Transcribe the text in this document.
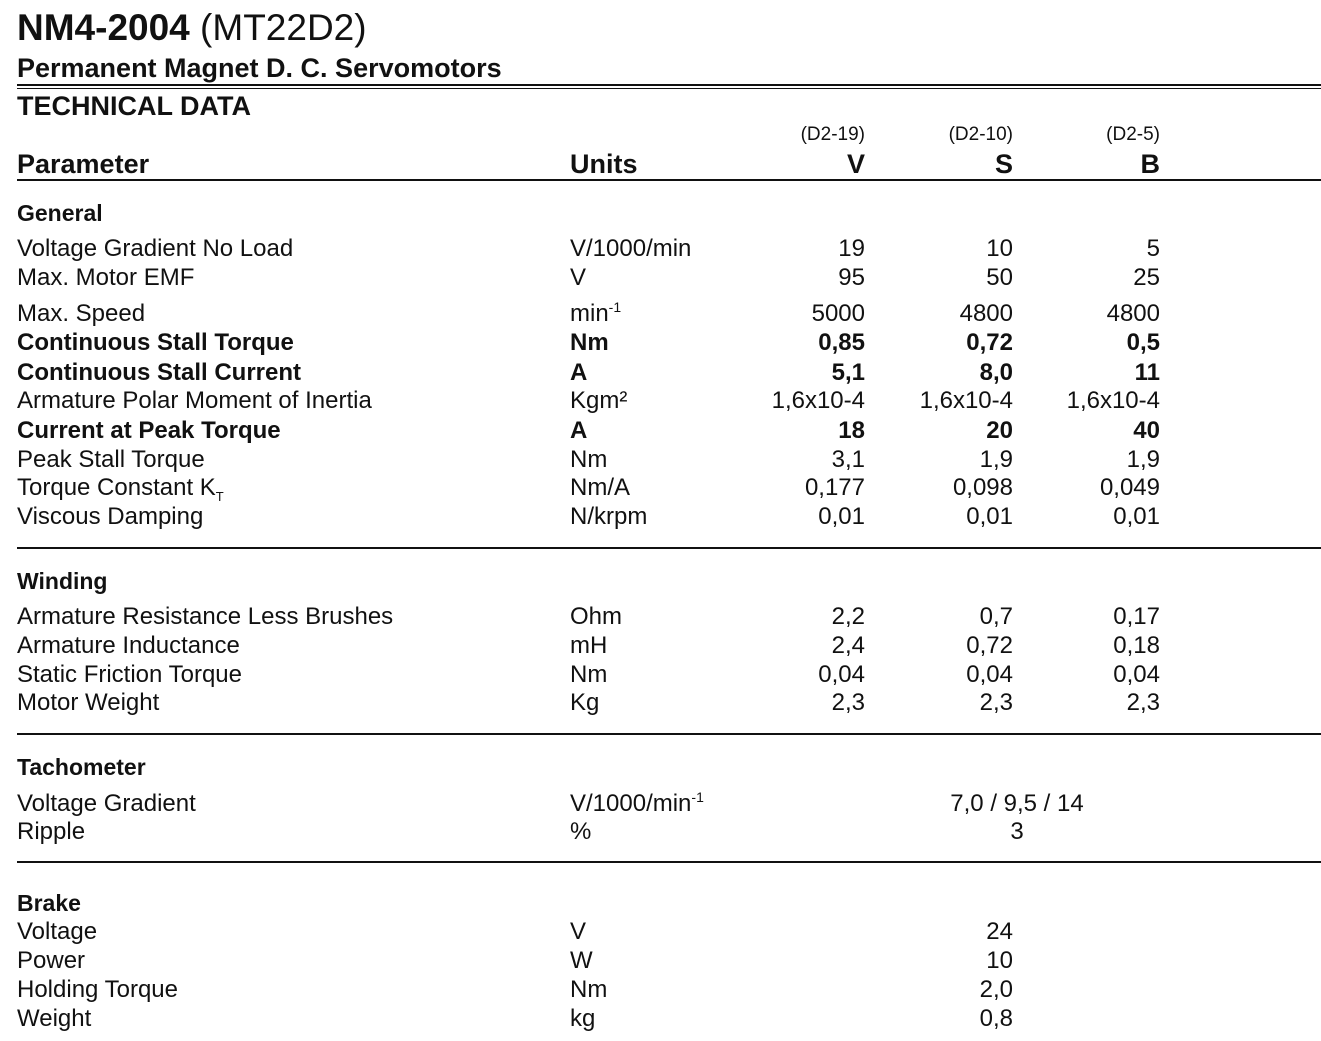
NM4-2004 (MT22D2)
Permanent Magnet D. C. Servomotors
TECHNICAL DATA
(D2-19)	(D2-10)	(D2-5)
Parameter	Units	V	S	B
General
Voltage Gradient No Load	V/1000/min	19	10	5
Max. Motor EMF	V	95	50	25
Max. Speed	$\min^{-1}$	5000	4800	4800
Continuous Stall Torque	Nm	0,85	0,72	0,5
Continuous Stall Current	A	5,1	8,0	11
Armature Polar Moment of Inertia	Kgm²	1,6x10-4 1,6x10-4 1,6x10-4
Current at Peak Torque	A	18	20	40
Peak Stall Torque	Nm	3,1	1,9	1,9
Torque Constant $K_T$	Nm/A	0,177	0,098	0,049
Viscous Damping	N/krpm	0,01	0,01	0,01
Winding
Armature Resistance Less Brushes	Ohm	2,2	0,7	0,17
Armature Inductance	mH	2,4	0,72	0,18
Static Friction Torque	Nm	0,04	0,04	0,04
Motor Weight	Kg	2,3	2,3	2,3
Tachometer
Voltage Gradient	$V/1000/\min^{-1}$	7,0 / 9,5 / 14
Ripple	%	3
Brake
Voltage	V	24
Power	W	10
Holding Torque	Nm	2,0
Weight	kg	0,8
